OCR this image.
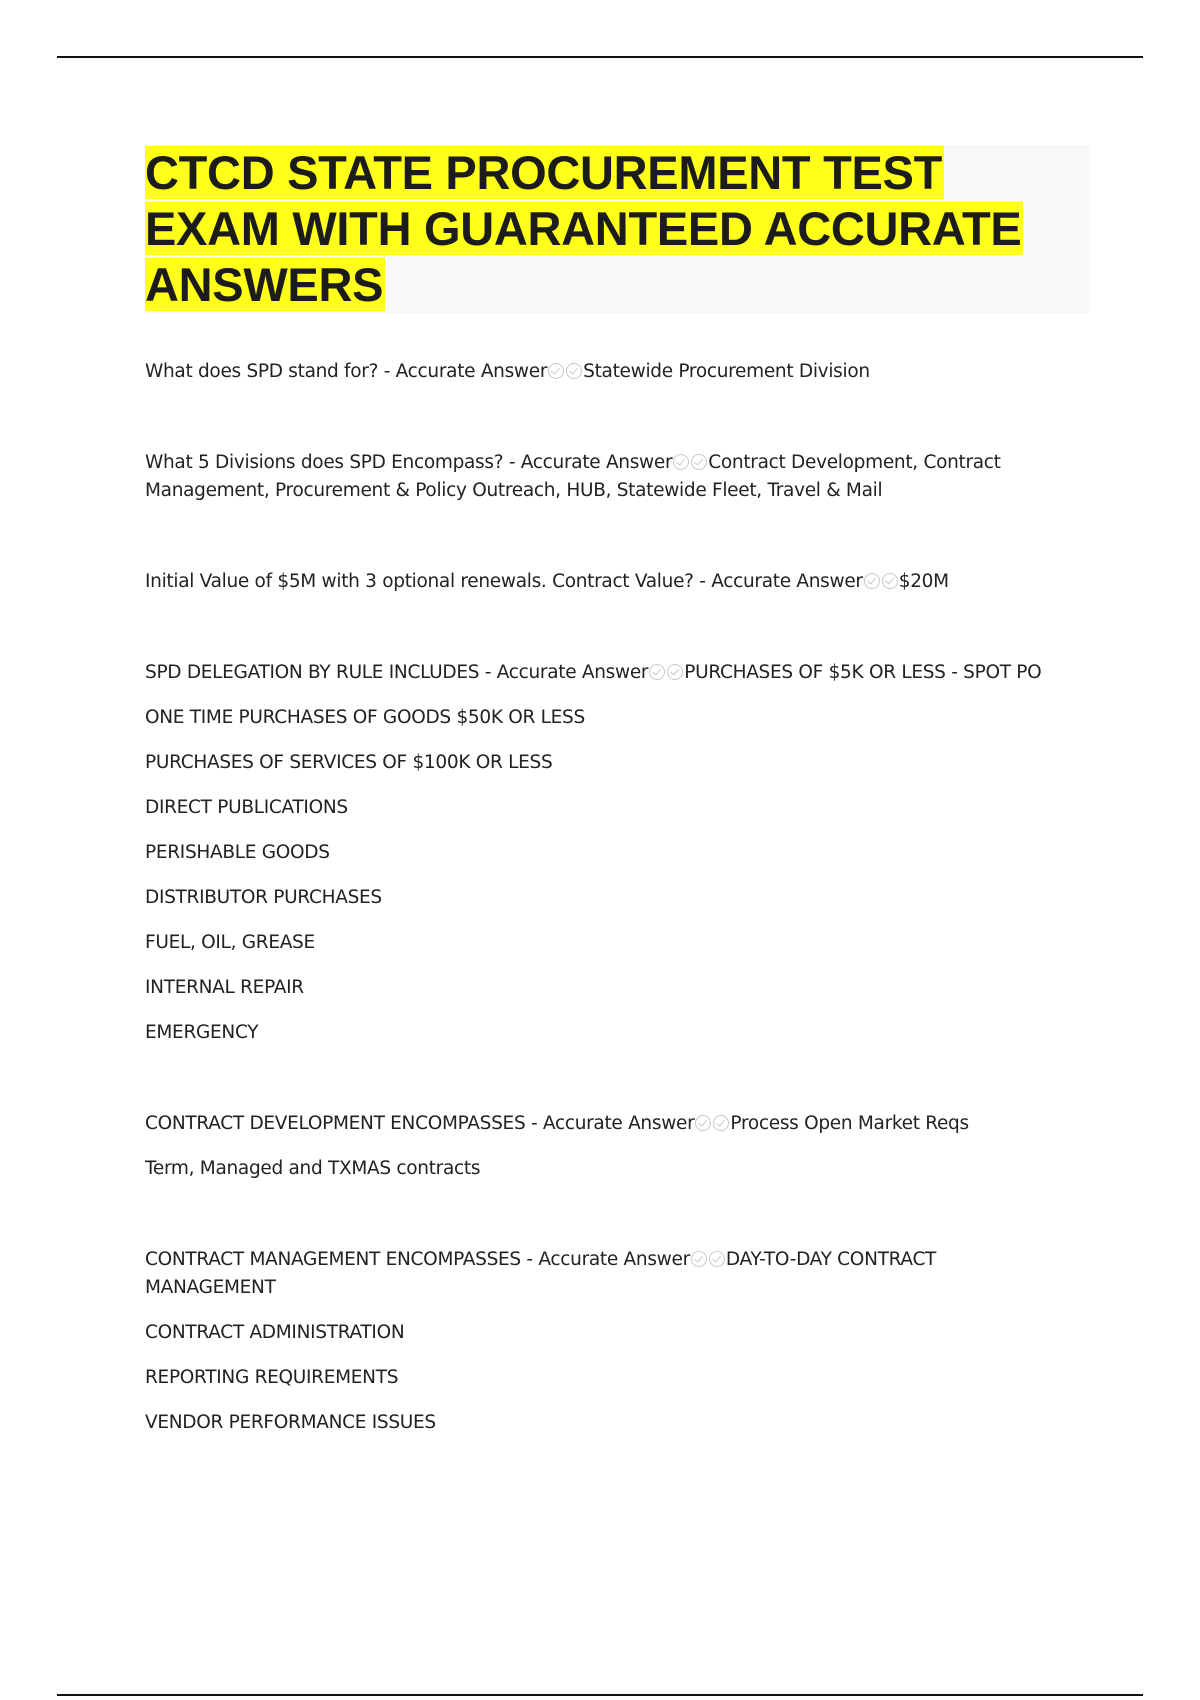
CTCD STATE PROCUREMENT TEST EXAM WITH GUARANTEED ACCURATE ANSWERS

What does SPD stand for? - Accurate Answer Statewide Procurement Division

What 5 Divisions does SPD Encompass? - Accurate Answer Contract Development, Contract Management, Procurement & Policy Outreach, HUB, Statewide Fleet, Travel & Mail

Initial Value of $5M with 3 optional renewals. Contract Value? - Accurate Answer $20M

SPD DELEGATION BY RULE INCLUDES - Accurate Answer PURCHASES OF $5K OR LESS - SPOT PO

ONE TIME PURCHASES OF GOODS $50K OR LESS

PURCHASES OF SERVICES OF $100K OR LESS

DIRECT PUBLICATIONS

PERISHABLE GOODS

DISTRIBUTOR PURCHASES

FUEL, OIL, GREASE

INTERNAL REPAIR

EMERGENCY

CONTRACT DEVELOPMENT ENCOMPASSES - Accurate Answer Process Open Market Reqs

Term, Managed and TXMAS contracts

CONTRACT MANAGEMENT ENCOMPASSES - Accurate Answer DAY-TO-DAY CONTRACT MANAGEMENT

CONTRACT ADMINISTRATION

REPORTING REQUIREMENTS

VENDOR PERFORMANCE ISSUES
